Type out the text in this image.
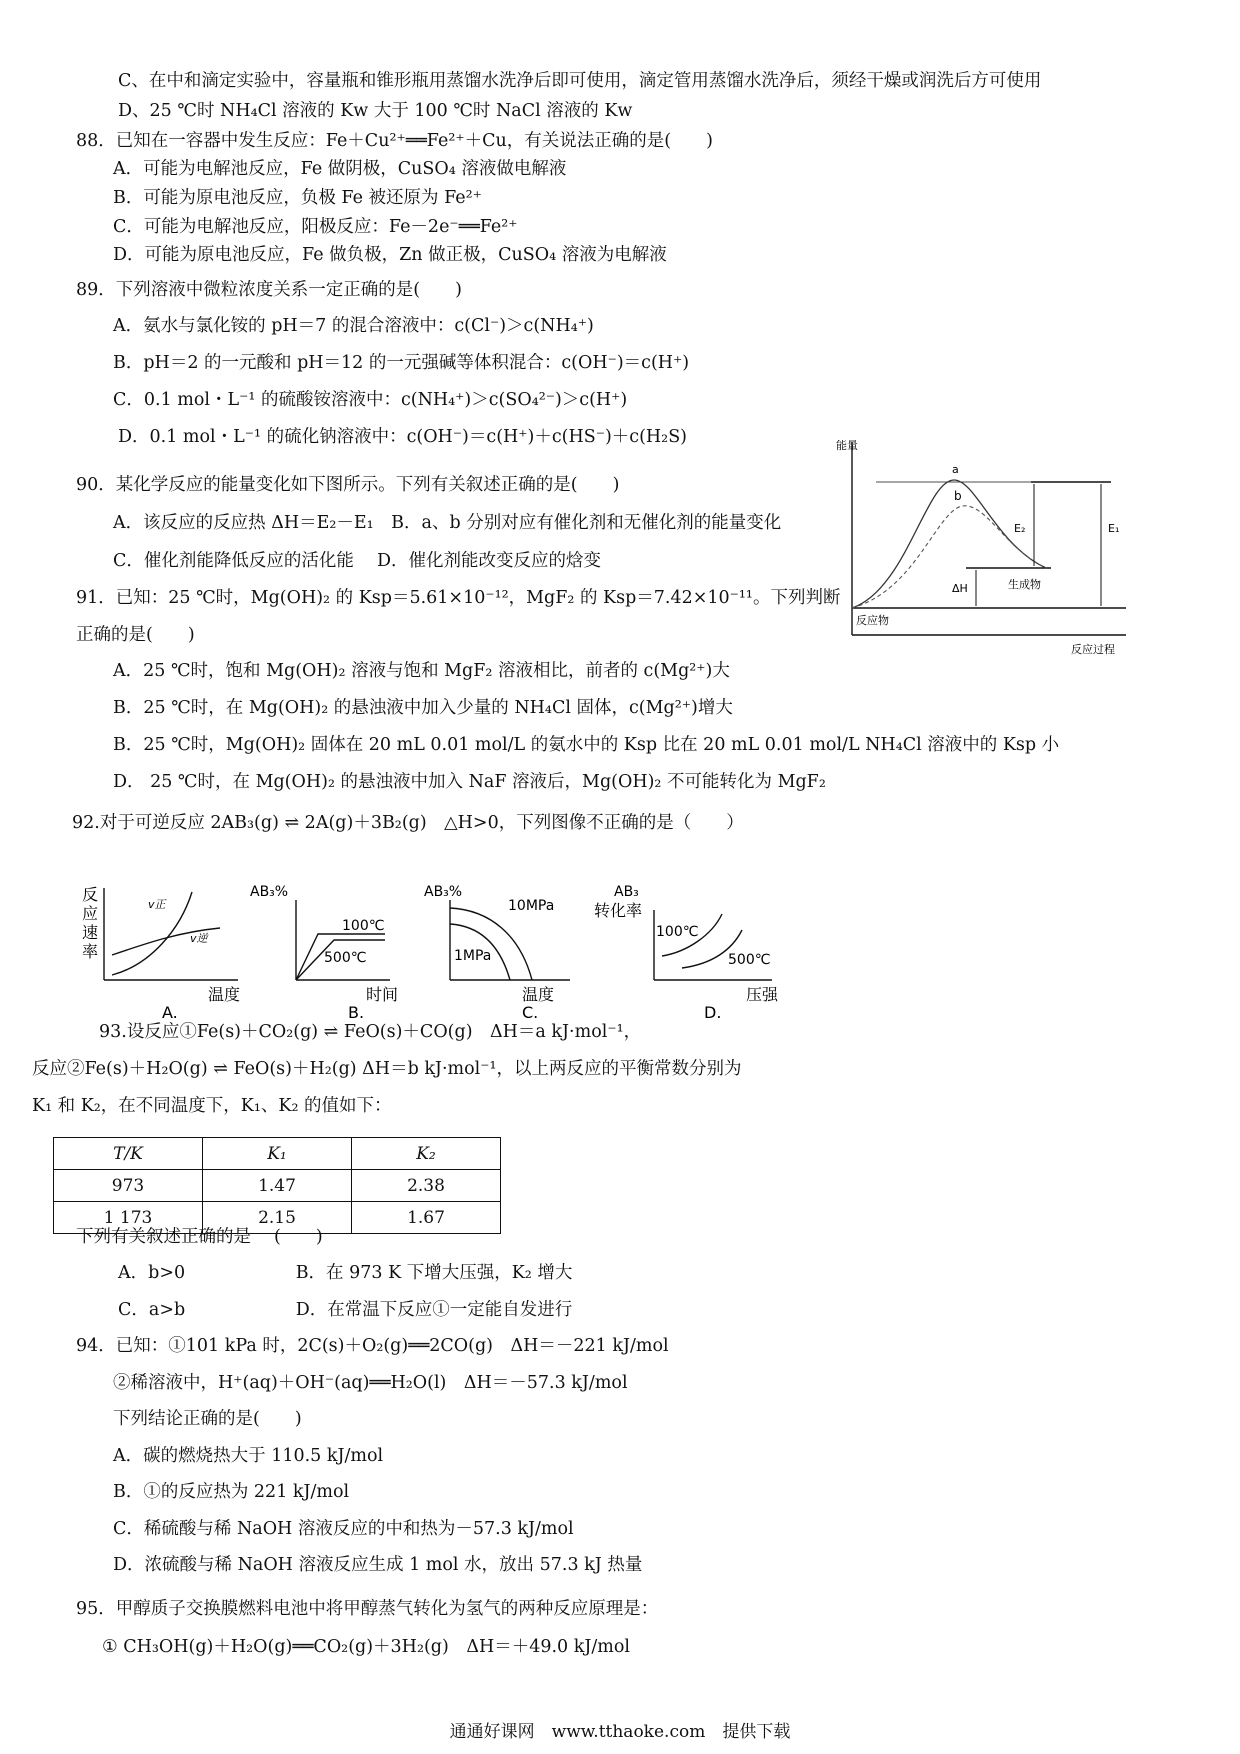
C、在中和滴定实验中，容量瓶和锥形瓶用蒸馏水洗净后即可使用，滴定管用蒸馏水洗净后，须经干燥或润洗后方可使用
D、25 ℃时 NH₄Cl 溶液的 Kw 大于 100 ℃时 NaCl 溶液的 Kw
88．已知在一容器中发生反应：Fe＋Cu²⁺══Fe²⁺＋Cu，有关说法正确的是(　　)
A．可能为电解池反应，Fe 做阴极，CuSO₄ 溶液做电解液
B．可能为原电池反应，负极 Fe 被还原为 Fe²⁺
C．可能为电解池反应，阳极反应：Fe－2e⁻══Fe²⁺
D．可能为原电池反应，Fe 做负极，Zn 做正极，CuSO₄ 溶液为电解液
89．下列溶液中微粒浓度关系一定正确的是(　　)
A．氨水与氯化铵的 pH＝7 的混合溶液中：c(Cl⁻)＞c(NH₄⁺)
B．pH＝2 的一元酸和 pH＝12 的一元强碱等体积混合：c(OH⁻)＝c(H⁺)
C．0.1 mol・L⁻¹ 的硫酸铵溶液中：c(NH₄⁺)＞c(SO₄²⁻)＞c(H⁺)
D．0.1 mol・L⁻¹ 的硫化钠溶液中：c(OH⁻)＝c(H⁺)＋c(HS⁻)＋c(H₂S)
90．某化学反应的能量变化如下图所示。下列有关叙述正确的是(　　)
A．该反应的反应热 ΔH＝E₂－E₁　B．a、b 分别对应有催化剂和无催化剂的能量变化
C．催化剂能降低反应的活化能　 D．催化剂能改变反应的焓变
91．已知：25 ℃时，Mg(OH)₂ 的 Ksp＝5.61×10⁻¹²，MgF₂ 的 Ksp＝7.42×10⁻¹¹。下列判断
正确的是(　　)
A．25 ℃时，饱和 Mg(OH)₂ 溶液与饱和 MgF₂ 溶液相比，前者的 c(Mg²⁺)大
B．25 ℃时，在 Mg(OH)₂ 的悬浊液中加入少量的 NH₄Cl 固体，c(Mg²⁺)增大
B．25 ℃时，Mg(OH)₂ 固体在 20 mL 0.01 mol/L 的氨水中的 Ksp 比在 20 mL 0.01 mol/L NH₄Cl 溶液中的 Ksp 小
D． 25 ℃时，在 Mg(OH)₂ 的悬浊液中加入 NaF 溶液后，Mg(OH)₂ 不可能转化为 MgF₂
92.对于可逆反应 2AB₃(g) ⇌ 2A(g)＋3B₂(g)　△H>0，下列图像不正确的是（　　）
93.设反应①Fe(s)＋CO₂(g) ⇌ FeO(s)＋CO(g)　ΔH＝a kJ·mol⁻¹，
反应②Fe(s)＋H₂O(g) ⇌ FeO(s)＋H₂(g) ΔH＝b kJ·mol⁻¹，以上两反应的平衡常数分别为
K₁ 和 K₂，在不同温度下，K₁、K₂ 的值如下：
下列有关叙述正确的是　 (　　)
A．b>0　　　　　　 B．在 973 K 下增大压强，K₂ 增大
C．a>b　　　　　　 D．在常温下反应①一定能自发进行
94．已知：①101 kPa 时，2C(s)＋O₂(g)══2CO(g)　ΔH＝－221 kJ/mol
②稀溶液中，H⁺(aq)＋OH⁻(aq)══H₂O(l)　ΔH＝－57.3 kJ/mol
下列结论正确的是(　　)
A．碳的燃烧热大于 110.5 kJ/mol
B．①的反应热为 221 kJ/mol
C．稀硫酸与稀 NaOH 溶液反应的中和热为－57.3 kJ/mol
D．浓硫酸与稀 NaOH 溶液反应生成 1 mol 水，放出 57.3 kJ 热量
95．甲醇质子交换膜燃料电池中将甲醇蒸气转化为氢气的两种反应原理是：
① CH₃OH(g)＋H₂O(g)══CO₂(g)＋3H₂(g)　ΔH＝＋49.0 kJ/mol
能量
a
b
E₂	E₁
ΔH	生成物
反应物
反应过程
反
应
速
率
v正
v逆
温度
A.
AB₃%
100℃
500℃
时间
B.
AB₃%
10MPa
1MPa
温度
C.
AB₃
转化率
100℃
500℃
压强
D.
T/K	K₁	K₂
973	1.47	2.38
1 173	2.15	1.67
通通好课网　www.tthaoke.com　提供下载
